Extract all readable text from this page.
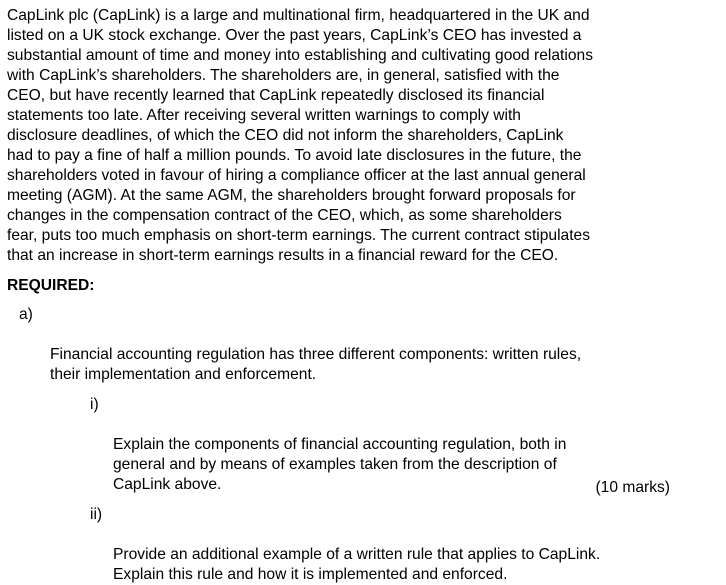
CapLink plc (CapLink) is a large and multinational firm, headquartered in the UK and
listed on a UK stock exchange. Over the past years, CapLink’s CEO has invested a
substantial amount of time and money into establishing and cultivating good relations
with CapLink’s shareholders. The shareholders are, in general, satisfied with the
CEO, but have recently learned that CapLink repeatedly disclosed its financial
statements too late. After receiving several written warnings to comply with
disclosure deadlines, of which the CEO did not inform the shareholders, CapLink
had to pay a fine of half a million pounds. To avoid late disclosures in the future, the
shareholders voted in favour of hiring a compliance officer at the last annual general
meeting (AGM). At the same AGM, the shareholders brought forward proposals for
changes in the compensation contract of the CEO, which, as some shareholders
fear, puts too much emphasis on short-term earnings. The current contract stipulates
that an increase in short-term earnings results in a financial reward for the CEO.

REQUIRED:

a)

Financial accounting regulation has three different components: written rules,
their implementation and enforcement.

i)

Explain the components of financial accounting regulation, both in
general and by means of examples taken from the description of
CapLink above.

ii)

Provide an additional example of a written rule that applies to CapLink.
Explain this rule and how it is implemented and enforced.

(10 marks)
